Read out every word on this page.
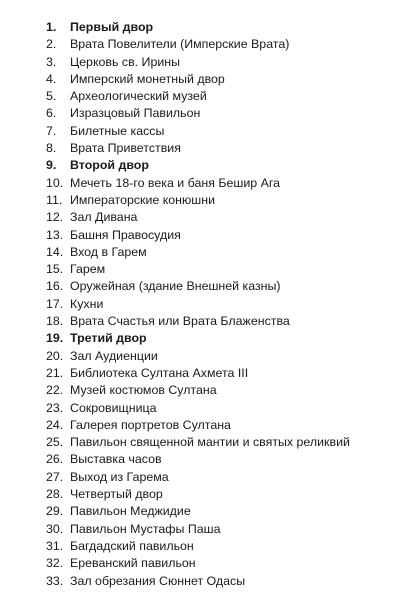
1.	Первый двор
2.	Врата Повелители (Имперские Врата)
3.	Церковь св. Ирины
4.	Имперский монетный двор
5.	Археологический музей
6.	Изразцовый Павильон
7.	Билетные кассы
8.	Врата Приветствия
9.	Второй двор
10. Мечеть 18-го века и баня Бешир Ага
11. Императорские конюшни
12. Зал Дивана
13. Башня Правосудия
14. Вход в Гарем
15. Гарем
16. Оружейная (здание Внешней казны)
17. Кухни
18. Врата Счастья или Врата Блаженства
19. Третий двор
20. Зал Аудиенции
21. Библиотека Султана Ахмета III
22. Музей костюмов Султана
23. Сокровищница
24. Галерея портретов Султана
25. Павильон священной мантии и святых реликвий
26. Выставка часов
27. Выход из Гарема
28. Четвертый двор
29. Павильон Меджидие
30. Павильон Мустафы Паша
31. Багдадский павильон
32. Ереванский павильон
33. Зал обрезания Сюннет Одасы
